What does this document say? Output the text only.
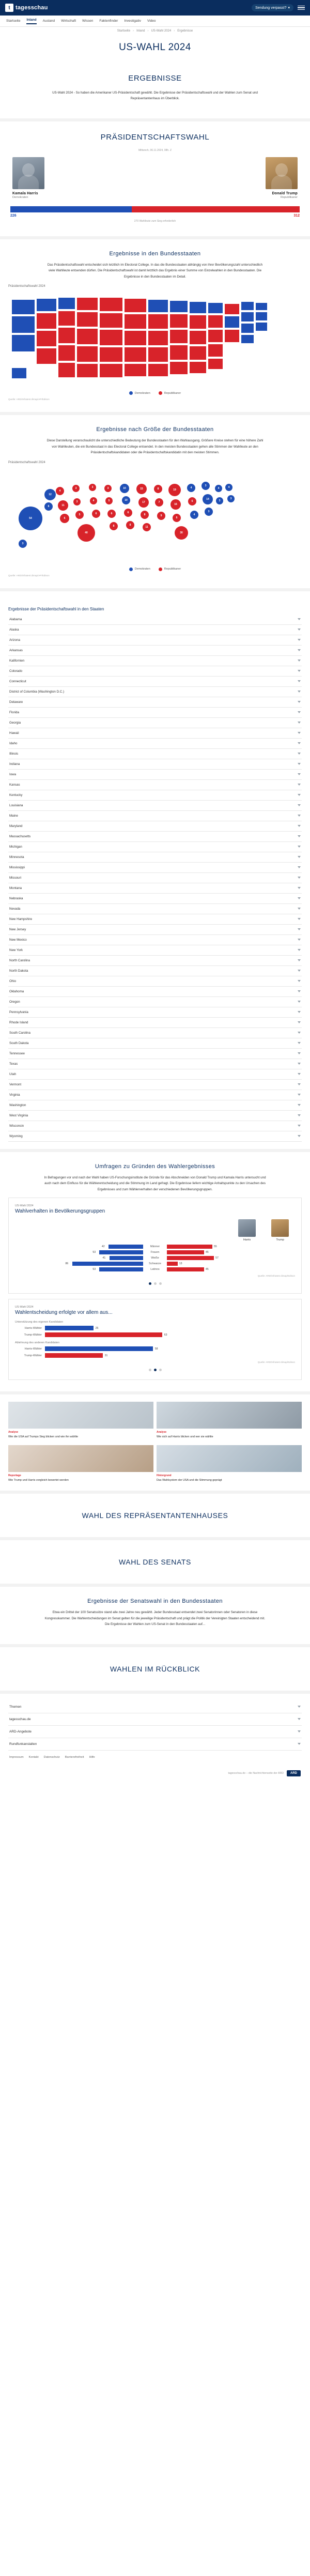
t tagesschau	Sendung verpasst? ▾
Startseite Inland Ausland Wirtschaft Wissen Faktenfinder Investigativ Video
Startseite › Inland › US-Wahl 2024 › Ergebnisse
US-WAHL 2024
ERGEBNISSE

US-Wahl 2024 - So haben die Amerikaner US-Präsidentschaft gewählt. Die Ergebnisse der Präsidentschaftswahl und der Wahlen zum Senat und Repräsentantenhaus im Überblick.

PRÄSIDENTSCHAFTSWAHL
Mittwoch, 06.11.2024, 08h. Z
Kamala Harris
Demokraten
Donald Trump
Republikaner
226	312
270 Wahlleute zum Sieg erforderlich
Ergebnisse in den Bundesstaaten

Das Präsidentschaftswahl entscheidet sich letztlich im Electoral College. In das die Bundesstaaten abhängig von ihrer Bevölkerungszahl unterschiedlich viele Wahlleute entsenden dürfen. Die Präsidentschaftswahl ist damit letztlich das Ergebnis einer Summe von Einzelwahlen in den Bundesstaaten. Die Ergebnisse in den Bundesstaaten im Detail.

Präsidentschaftswahl 2024
Demokraten	Republikaner
Quelle: ARD/Infratest dimap/AP/Edison
Ergebnisse nach Größe der Bundesstaaten

Diese Darstellung veranschaulicht die unterschiedliche Bedeutung der Bundesstaaten für den Wahlausgang. Größere Kreise stehen für eine höhere Zahl von Wahlleuten, die ein Bundesstaat in das Electoral College entsendet. In den meisten Bundesstaaten gehen alle Stimmen der Wahlleute an den Präsidentschaftskandidaten oder die Präsidentschaftskandidatin mit den meisten Stimmen.

Präsidentschaftswahl 2024
54
12
6
4
11
6
3
3
5
40
3
4
6
3
5
6
8
10
10
6
8
15
17
8
11
8
7
9
19
16
6
30
4
5
4
3
14
3
4
3
4
3
3
Demokraten	Republikaner
Quelle: ARD/Infratest dimap/AP/Edison
Ergebnisse der Präsidentschaftswahl in den Staaten
Alabama
Alaska
Arizona
Arkansas
Kalifornien
Colorado
Connecticut
District of Columbia (Washington D.C.)
Delaware
Florida
Georgia
Hawaii
Idaho
Illinois
Indiana
Iowa
Kansas
Kentucky
Louisiana
Maine
Maryland
Massachusetts
Michigan
Minnesota
Mississippi
Missouri
Montana
Nebraska
Nevada
New Hampshire
New Jersey
New Mexico
New York
North Carolina
North Dakota
Ohio
Oklahoma
Oregon
Pennsylvania
Rhode Island
South Carolina
South Dakota
Tennessee
Texas
Utah
Vermont
Virginia
Washington
West Virginia
Wisconsin
Wyoming
Umfragen zu Gründen des Wahlergebnisses

In Befragungen vor und nach der Wahl haben US-Forschungsinstitute die Gründe für das Abschneiden von Donald Trump und Kamala Harris untersucht und auch nach dem Einfluss für die Wählerentscheidung und die Stimmung im Land gefragt. Die Ergebnisse liefern wichtige Anhaltspunkte zu den Ursachen des Ergebnisses und zum Wählerverhalten der verschiedenen Bevölkerungsgruppen.

US-Wahl 2024
Wahlverhalten in Bevölkerungsgruppen
Harris	Trump
42	Männer	55
53	Frauen	45
41	Weiße	57
86	Schwarze	13
53	Latinos	45
Quelle: ARD/Infratest dimap/Edison
US-Wahl 2024
Wahlentscheidung erfolgte vor allem aus...
Unterstützung des eigenen Kandidaten
Harris-Wähler	26
Trump-Wähler	63
Ablehnung des anderen Kandidaten
Harris-Wähler	58
Trump-Wähler	31
Quelle: ARD/Infratest dimap/Edison
Analyse
Wie die USA auf Trumps Sieg blicken und wie ihn wählte
Analyse
Wie sich auf Harris blicken und wer sie wählte
Reportage
Wie Trump und Harris vergleich bewertet werden
Hintergrund
Das Wahlsystem der USA und die Stimmung geprägt
WAHL DES REPRÄSENTANTENHAUSES
WAHL DES SENATS
Ergebnisse der Senatswahl in den Bundesstaaten

Etwa ein Drittel der 100 Senatssitze stand alle zwei Jahre neu gewählt. Jeder Bundesstaat entsendet zwei Senatorinnen oder Senatoren in diese Kongresskammer. Die Wahlentscheidungen im Senat gelten für die jeweilige Präsidentschaft und prägt die Politik der Vereinigten Staaten entscheidend mit. Die Ergebnisse der Wahlen zum US-Senat in den Bundesstaaten auf...

WAHLEN IM RÜCKBLICK
Themen
tagesschau.de
ARD-Angebote
Rundfunkanstalten
Impressum Kontakt Datenschutz Barrierefreiheit Hilfe
tagesschau.de – die Nachrichtenseite der ARD	ARD
